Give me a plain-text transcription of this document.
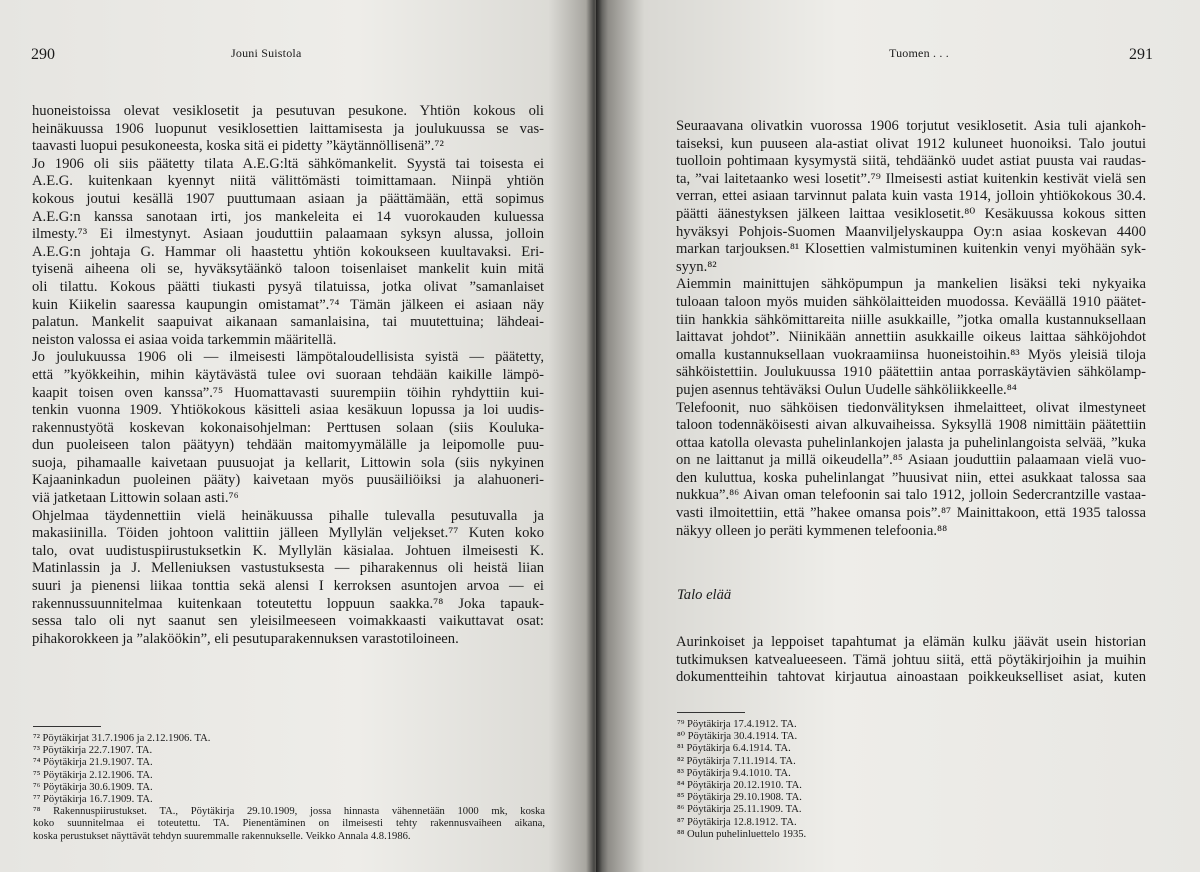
290	Jouni Suistola
huoneistoissa olevat vesiklosetit ja pesutuvan pesukone. Yhtiön kokous oli
heinäkuussa 1906 luopunut vesiklosettien laittamisesta ja joulukuussa se vas-
taavasti luopui pesukoneesta, koska sitä ei pidetty ”käytännöllisenä”.⁷²
Jo 1906 oli siis päätetty tilata A.E.G:ltä sähkömankelit. Syystä tai toisesta ei
A.E.G. kuitenkaan kyennyt niitä välittömästi toimittamaan. Niinpä yhtiön
kokous joutui kesällä 1907 puuttumaan asiaan ja päättämään, että sopimus
A.E.G:n kanssa sanotaan irti, jos mankeleita ei 14 vuorokauden kuluessa
ilmesty.⁷³ Ei ilmestynyt. Asiaan jouduttiin palaamaan syksyn alussa, jolloin
A.E.G:n johtaja G. Hammar oli haastettu yhtiön kokoukseen kuultavaksi. Eri-
tyisenä aiheena oli se, hyväksytäänkö taloon toisenlaiset mankelit kuin mitä
oli tilattu. Kokous päätti tiukasti pysyä tilatuissa, jotka olivat ”samanlaiset
kuin Kiikelin saaressa kaupungin omistamat”.⁷⁴ Tämän jälkeen ei asiaan näy
palatun. Mankelit saapuivat aikanaan samanlaisina, tai muutettuina; lähdeai-
neiston valossa ei asiaa voida tarkemmin määritellä.
Jo joulukuussa 1906 oli — ilmeisesti lämpötaloudellisista syistä — päätetty,
että ”kyökkeihin, mihin käytävästä tulee ovi suoraan tehdään kaikille lämpö-
kaapit toisen oven kanssa”.⁷⁵ Huomattavasti suurempiin töihin ryhdyttiin kui-
tenkin vuonna 1909. Yhtiökokous käsitteli asiaa kesäkuun lopussa ja loi uudis-
rakennustyötä koskevan kokonaisohjelman: Perttusen solaan (siis Kouluka-
dun puoleiseen talon päätyyn) tehdään maitomyymälälle ja leipomolle puu-
suoja, pihamaalle kaivetaan puusuojat ja kellarit, Littowin sola (siis nykyinen
Kajaaninkadun puoleinen pääty) kaivetaan myös puusäiliöiksi ja alahuoneri-
viä jatketaan Littowin solaan asti.⁷⁶
Ohjelmaa täydennettiin vielä heinäkuussa pihalle tulevalla pesutuvalla ja
makasiinilla. Töiden johtoon valittiin jälleen Myllylän veljekset.⁷⁷ Kuten koko
talo, ovat uudistuspiirustuksetkin K. Myllylän käsialaa. Johtuen ilmeisesti K.
Matinlassin ja J. Melleniuksen vastustuksesta — piharakennus oli heistä liian
suuri ja pienensi liikaa tonttia sekä alensi I kerroksen asuntojen arvoa — ei
rakennussuunnitelmaa kuitenkaan toteutettu loppuun saakka.⁷⁸ Joka tapauk-
sessa talo oli nyt saanut sen yleisilmeeseen voimakkaasti vaikuttavat osat:
pihakorokkeen ja ”alaköökin”, eli pesutuparakennuksen varastotiloineen.
⁷² Pöytäkirjat 31.7.1906 ja 2.12.1906. TA.
⁷³ Pöytäkirja 22.7.1907. TA.
⁷⁴ Pöytäkirja 21.9.1907. TA.
⁷⁵ Pöytäkirja 2.12.1906. TA.
⁷⁶ Pöytäkirja 30.6.1909. TA.
⁷⁷ Pöytäkirja 16.7.1909. TA.
⁷⁸ Rakennuspiirustukset. TA., Pöytäkirja 29.10.1909, jossa hinnasta vähennetään 1000 mk, koska
koko suunnitelmaa ei toteutettu. TA. Pienentäminen on ilmeisesti tehty rakennusvaiheen aikana,
koska perustukset näyttävät tehdyn suuremmalle rakennukselle. Veikko Annala 4.8.1986.
Tuomen . . .	291
Seuraavana olivatkin vuorossa 1906 torjutut vesiklosetit. Asia tuli ajankoh-
taiseksi, kun puuseen ala-astiat olivat 1912 kuluneet huonoiksi. Talo joutui
tuolloin pohtimaan kysymystä siitä, tehdäänkö uudet astiat puusta vai raudas-
ta, ”vai laitetaanko wesi losetit”.⁷⁹ Ilmeisesti astiat kuitenkin kestivät vielä sen
verran, ettei asiaan tarvinnut palata kuin vasta 1914, jolloin yhtiökokous 30.4.
päätti äänestyksen jälkeen laittaa vesiklosetit.⁸⁰ Kesäkuussa kokous sitten
hyväksyi Pohjois-Suomen Maanviljelyskauppa Oy:n asiaa koskevan 4400
markan tarjouksen.⁸¹ Klosettien valmistuminen kuitenkin venyi myöhään syk-
syyn.⁸²
Aiemmin mainittujen sähköpumpun ja mankelien lisäksi teki nykyaika
tuloaan taloon myös muiden sähkölaitteiden muodossa. Keväällä 1910 päätet-
tiin hankkia sähkömittareita niille asukkaille, ”jotka omalla kustannuksellaan
laittavat johdot”. Niinikään annettiin asukkaille oikeus laittaa sähköjohdot
omalla kustannuksellaan vuokraamiinsa huoneistoihin.⁸³ Myös yleisiä tiloja
sähköistettiin. Joulukuussa 1910 päätettiin antaa porraskäytävien sähkölamp-
pujen asennus tehtäväksi Oulun Uudelle sähköliikkeelle.⁸⁴
Telefoonit, nuo sähköisen tiedonvälityksen ihmelaitteet, olivat ilmestyneet
taloon todennäköisesti aivan alkuvaiheissa. Syksyllä 1908 nimittäin päätettiin
ottaa katolla olevasta puhelinlankojen jalasta ja puhelinlangoista selvää, ”kuka
on ne laittanut ja millä oikeudella”.⁸⁵ Asiaan jouduttiin palaamaan vielä vuo-
den kuluttua, koska puhelinlangat ”huusivat niin, ettei asukkaat talossa saa
nukkua”.⁸⁶ Aivan oman telefoonin sai talo 1912, jolloin Sedercrantzille vastaa-
vasti ilmoitettiin, että ”hakee omansa pois”.⁸⁷ Mainittakoon, että 1935 talossa
näkyy olleen jo peräti kymmenen telefoonia.⁸⁸
Talo elää
Aurinkoiset ja leppoiset tapahtumat ja elämän kulku jäävät usein historian
tutkimuksen katvealueeseen. Tämä johtuu siitä, että pöytäkirjoihin ja muihin
dokumentteihin tahtovat kirjautua ainoastaan poikkeukselliset asiat, kuten
⁷⁹ Pöytäkirja 17.4.1912. TA.
⁸⁰ Pöytäkirja 30.4.1914. TA.
⁸¹ Pöytäkirja 6.4.1914. TA.
⁸² Pöytäkirja 7.11.1914. TA.
⁸³ Pöytäkirja 9.4.1010. TA.
⁸⁴ Pöytäkirja 20.12.1910. TA.
⁸⁵ Pöytäkirja 29.10.1908. TA.
⁸⁶ Pöytäkirja 25.11.1909. TA.
⁸⁷ Pöytäkirja 12.8.1912. TA.
⁸⁸ Oulun puhelinluettelo 1935.
